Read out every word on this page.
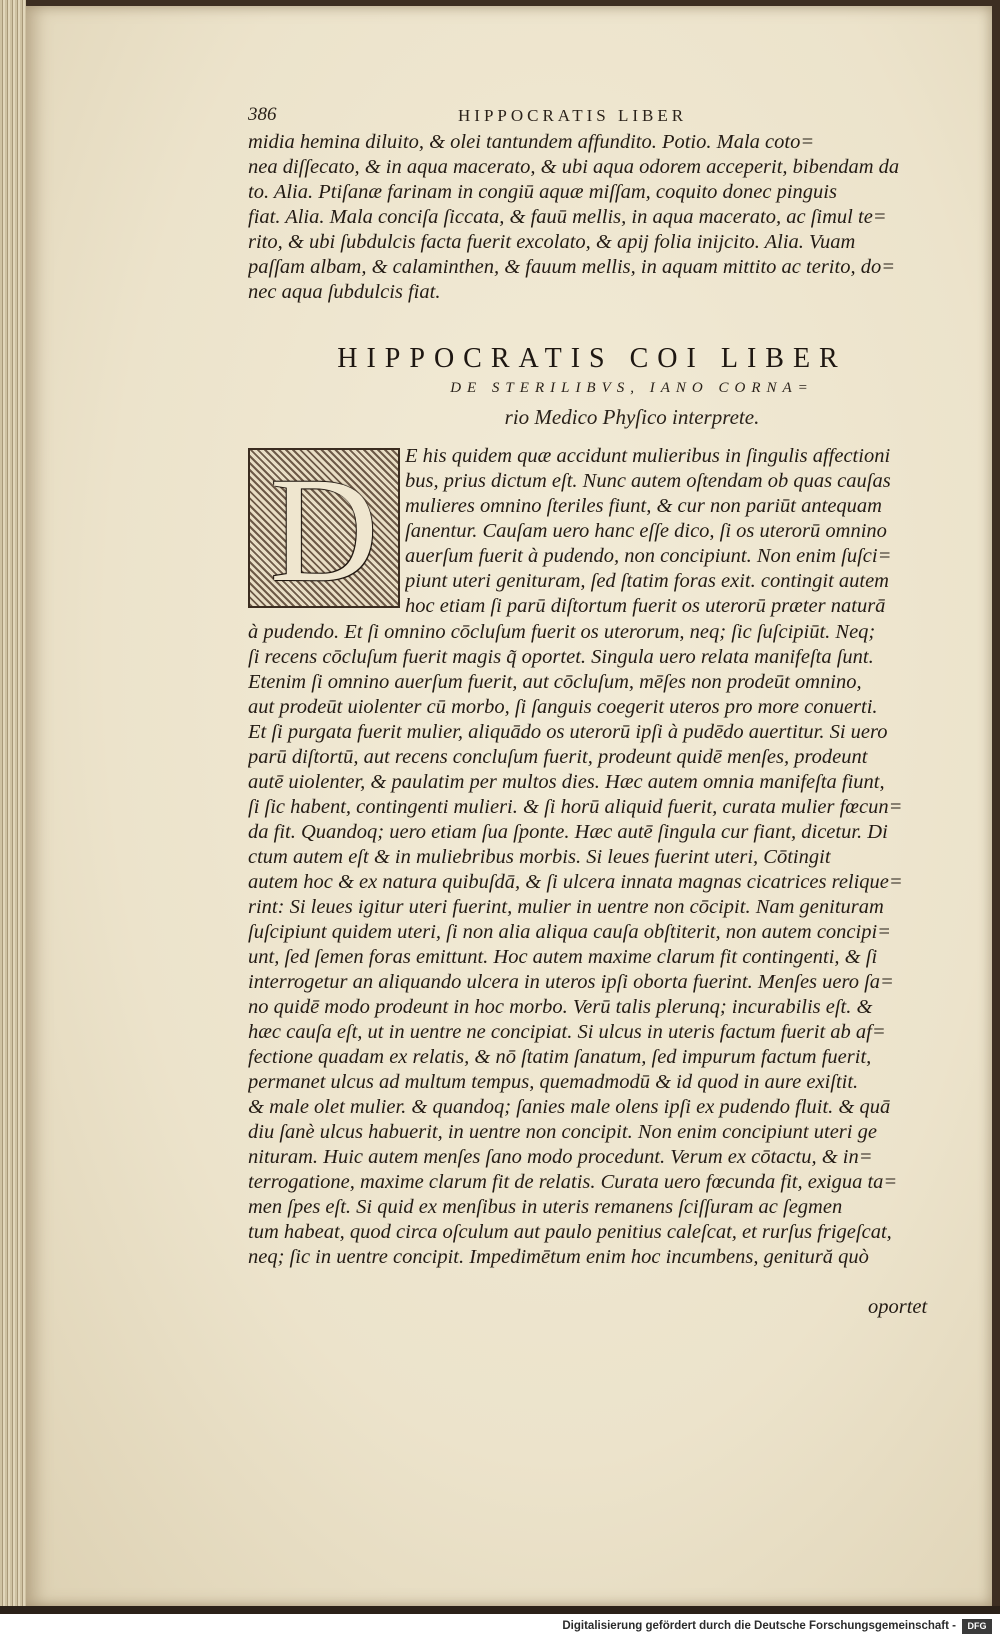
386	HIPPOCRATIS LIBER
midia hemina diluito, & olei tantundem affundito. Potio. Mala coto=
nea diſſecato, & in aqua macerato, & ubi aqua odorem acceperit, bibendam da
to. Alia. Ptiſanæ farinam in congiū aquæ miſſam, coquito donec pinguis
fiat. Alia. Mala conciſa ſiccata, & fauū mellis, in aqua macerato, ac ſimul te=
rito, & ubi ſubdulcis facta fuerit excolato, & apij folia inijcito. Alia. Vuam
paſſam albam, & calaminthen, & fauum mellis, in aquam mittito ac terito, do=
nec aqua ſubdulcis fiat.
HIPPOCRATIS COI LIBER
DE STERILIBVS, IANO CORNA=
rio Medico Phyſico interprete.
D	E his quidem quæ accidunt mulieribus in ſingulis affectioni
bus, prius dictum eſt. Nunc autem oſtendam ob quas cauſas
mulieres omnino ſteriles fiunt, & cur non pariūt antequam
ſanentur. Cauſam uero hanc eſſe dico, ſi os uterorū omnino
auerſum fuerit à pudendo, non concipiunt. Non enim ſuſci=
piunt uteri genituram, ſed ſtatim foras exit. contingit autem
hoc etiam ſi parū diſtortum fuerit os uterorū præter naturā
à pudendo. Et ſi omnino cōcluſum fuerit os uterorum, neq; ſic ſuſcipiūt. Neq;
ſi recens cōcluſum fuerit magis q̃ oportet. Singula uero relata manifeſta ſunt.
Etenim ſi omnino auerſum fuerit, aut cōcluſum, mēſes non prodeūt omnino,
aut prodeūt uiolenter cū morbo, ſi ſanguis coegerit uteros pro more conuerti.
Et ſi purgata fuerit mulier, aliquādo os uterorū ipſi à pudēdo auertitur. Si uero
parū diſtortū, aut recens concluſum fuerit, prodeunt quidē menſes, prodeunt
autē uiolenter, & paulatim per multos dies. Hæc autem omnia manifeſta fiunt,
ſi ſic habent, contingenti mulieri. & ſi horū aliquid fuerit, curata mulier fœcun=
da fit. Quandoq; uero etiam ſua ſponte. Hæc autē ſingula cur fiant, dicetur. Di
ctum autem eſt & in muliebribus morbis. Si leues fuerint uteri, Cōtingit
autem hoc & ex natura quibuſdā, & ſi ulcera innata magnas cicatrices relique=
rint: Si leues igitur uteri fuerint, mulier in uentre non cōcipit. Nam genituram
ſuſcipiunt quidem uteri, ſi non alia aliqua cauſa obſtiterit, non autem concipi=
unt, ſed ſemen foras emittunt. Hoc autem maxime clarum fit contingenti, & ſi
interrogetur an aliquando ulcera in uteros ipſi oborta fuerint. Menſes uero ſa=
no quidē modo prodeunt in hoc morbo. Verū talis plerunq; incurabilis eſt. &
hæc cauſa eſt, ut in uentre ne concipiat. Si ulcus in uteris factum fuerit ab af=
fectione quadam ex relatis, & nō ſtatim ſanatum, ſed impurum factum fuerit,
permanet ulcus ad multum tempus, quemadmodū & id quod in aure exiſtit.
& male olet mulier. & quandoq; ſanies male olens ipſi ex pudendo fluit. & quā
diu ſanè ulcus habuerit, in uentre non concipit. Non enim concipiunt uteri ge
nituram. Huic autem menſes ſano modo procedunt. Verum ex cōtactu, & in=
terrogatione, maxime clarum fit de relatis. Curata uero fœcunda fit, exigua ta=
men ſpes eſt. Si quid ex menſibus in uteris remanens ſciſſuram ac ſegmen
tum habeat, quod circa oſculum aut paulo penitius caleſcat, et rurſus frigeſcat,
neq; ſic in uentre concipit. Impedimētum enim hoc incumbens, genitură quò
oportet
Digitalisierung gefördert durch die Deutsche Forschungsgemeinschaft -	DFG
